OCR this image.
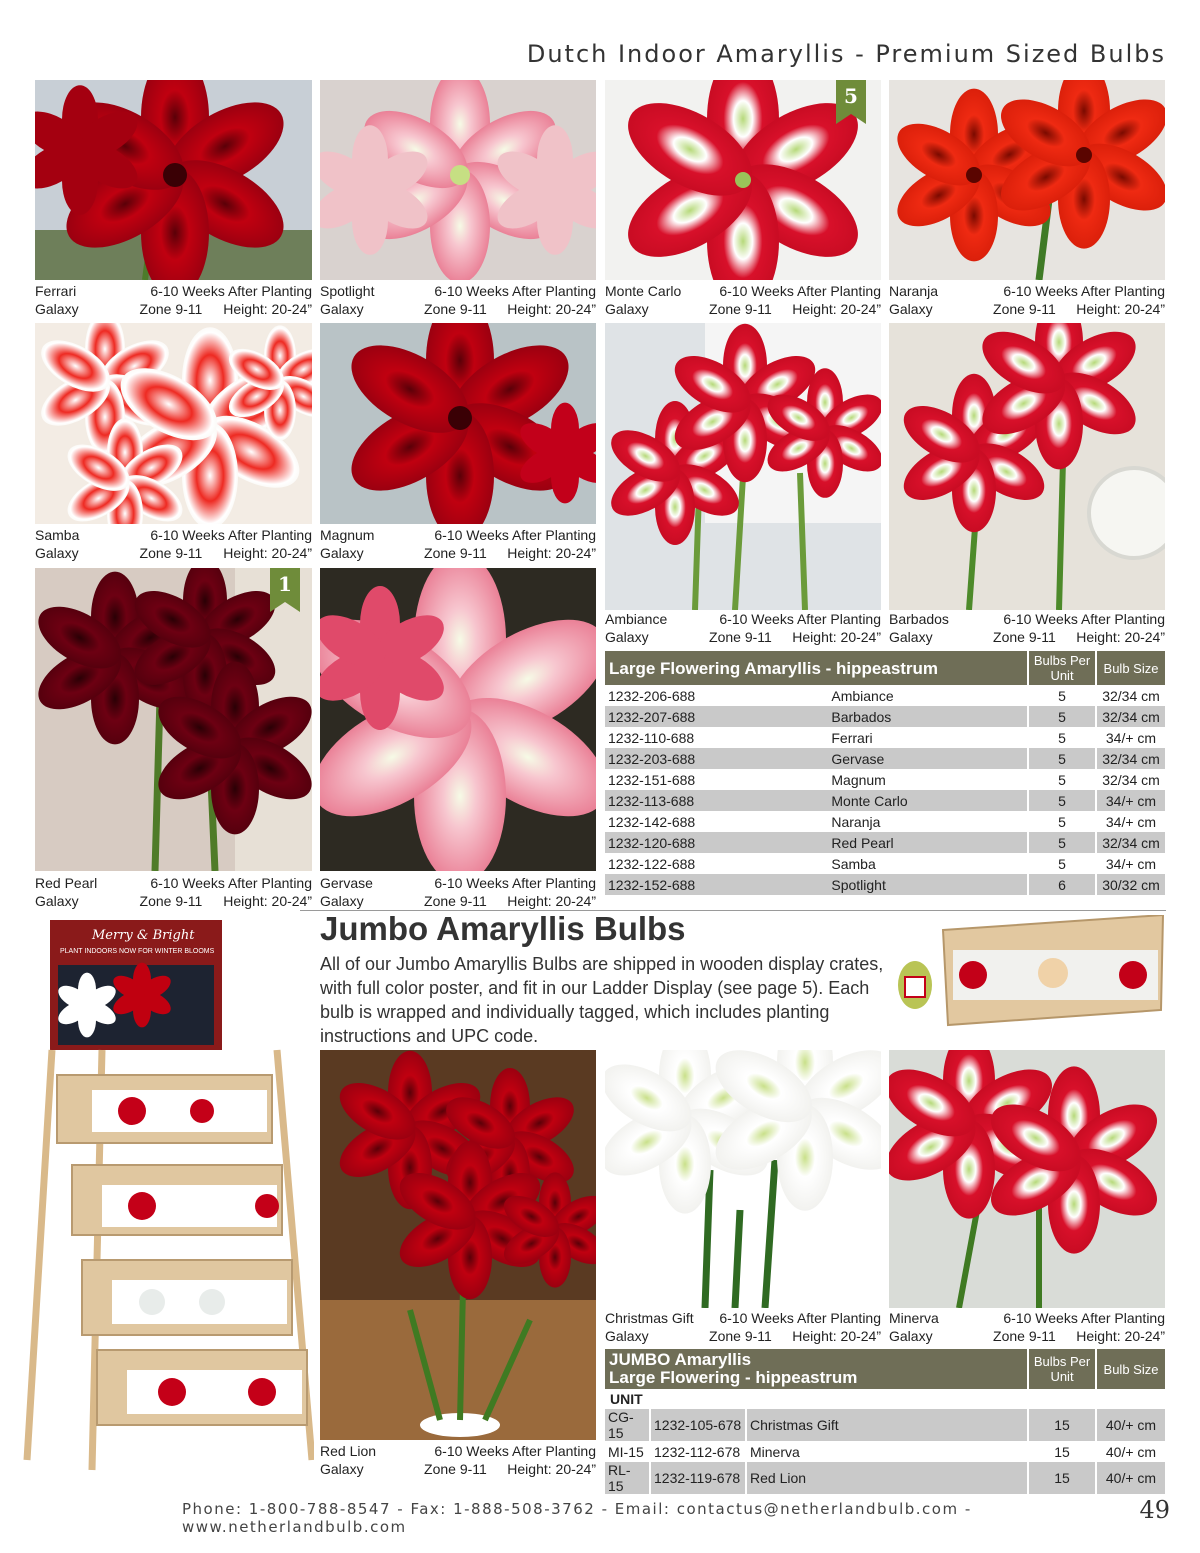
Dutch Indoor Amaryllis - Premium Sized Bulbs
Ferrari	6-10 Weeks After Planting
Galaxy	Zone 9-11	Height: 20-24”
Spotlight	6-10 Weeks After Planting
Galaxy	Zone 9-11	Height: 20-24”
Monte Carlo	6-10 Weeks After Planting
Galaxy	Zone 9-11	Height: 20-24”
Naranja	6-10 Weeks After Planting
Galaxy	Zone 9-11	Height: 20-24”
5
Samba	6-10 Weeks After Planting
Galaxy	Zone 9-11	Height: 20-24”
Magnum	6-10 Weeks After Planting
Galaxy	Zone 9-11	Height: 20-24”
Ambiance	6-10 Weeks After Planting
Galaxy	Zone 9-11	Height: 20-24”
Barbados	6-10 Weeks After Planting
Galaxy	Zone 9-11	Height: 20-24”
1
Red Pearl	6-10 Weeks After Planting
Galaxy	Zone 9-11	Height: 20-24”
Gervase	6-10 Weeks After Planting
Galaxy	Zone 9-11	Height: 20-24”
Large Flowering Amaryllis - hippeastrum		Bulbs Per Unit	Bulb Size
1232-206-688	Ambiance	5	32/34 cm
1232-207-688	Barbados	5	32/34 cm
1232-110-688	Ferrari	5	34/+ cm
1232-203-688	Gervase	5	32/34 cm
1232-151-688	Magnum	5	32/34 cm
1232-113-688	Monte Carlo	5	34/+ cm
1232-142-688	Naranja	5	34/+ cm
1232-120-688	Red Pearl	5	32/34 cm
1232-122-688	Samba	5	34/+ cm
1232-152-688	Spotlight	6	30/32 cm
Merry & Bright
PLANT INDOORS NOW FOR WINTER BLOOMS
Jumbo Amaryllis Bulbs
All of our Jumbo Amaryllis Bulbs are shipped in wooden display crates, with full color poster, and fit in our Ladder Display (see page 5). Each bulb is wrapped and individually tagged, which includes planting instructions and UPC code.
Christmas Gift 6-10 Weeks After Planting
Galaxy	Zone 9-11	Height: 20-24”
Minerva	6-10 Weeks After Planting
Galaxy	Zone 9-11	Height: 20-24”
Red Lion	6-10 Weeks After Planting
Galaxy	Zone 9-11	Height: 20-24”
JUMBO Amaryllis
Large Flowering - hippeastrum			Bulbs Per Unit	Bulb Size
UNIT				
CG-15	1232-105-678	Christmas Gift	15	40/+ cm
MI-15	1232-112-678	Minerva	15	40/+ cm
RL-15	1232-119-678	Red Lion	15	40/+ cm
Phone: 1-800-788-8547 - Fax: 1-888-508-3762 - Email: contactus@netherlandbulb.com - www.netherlandbulb.com
49
